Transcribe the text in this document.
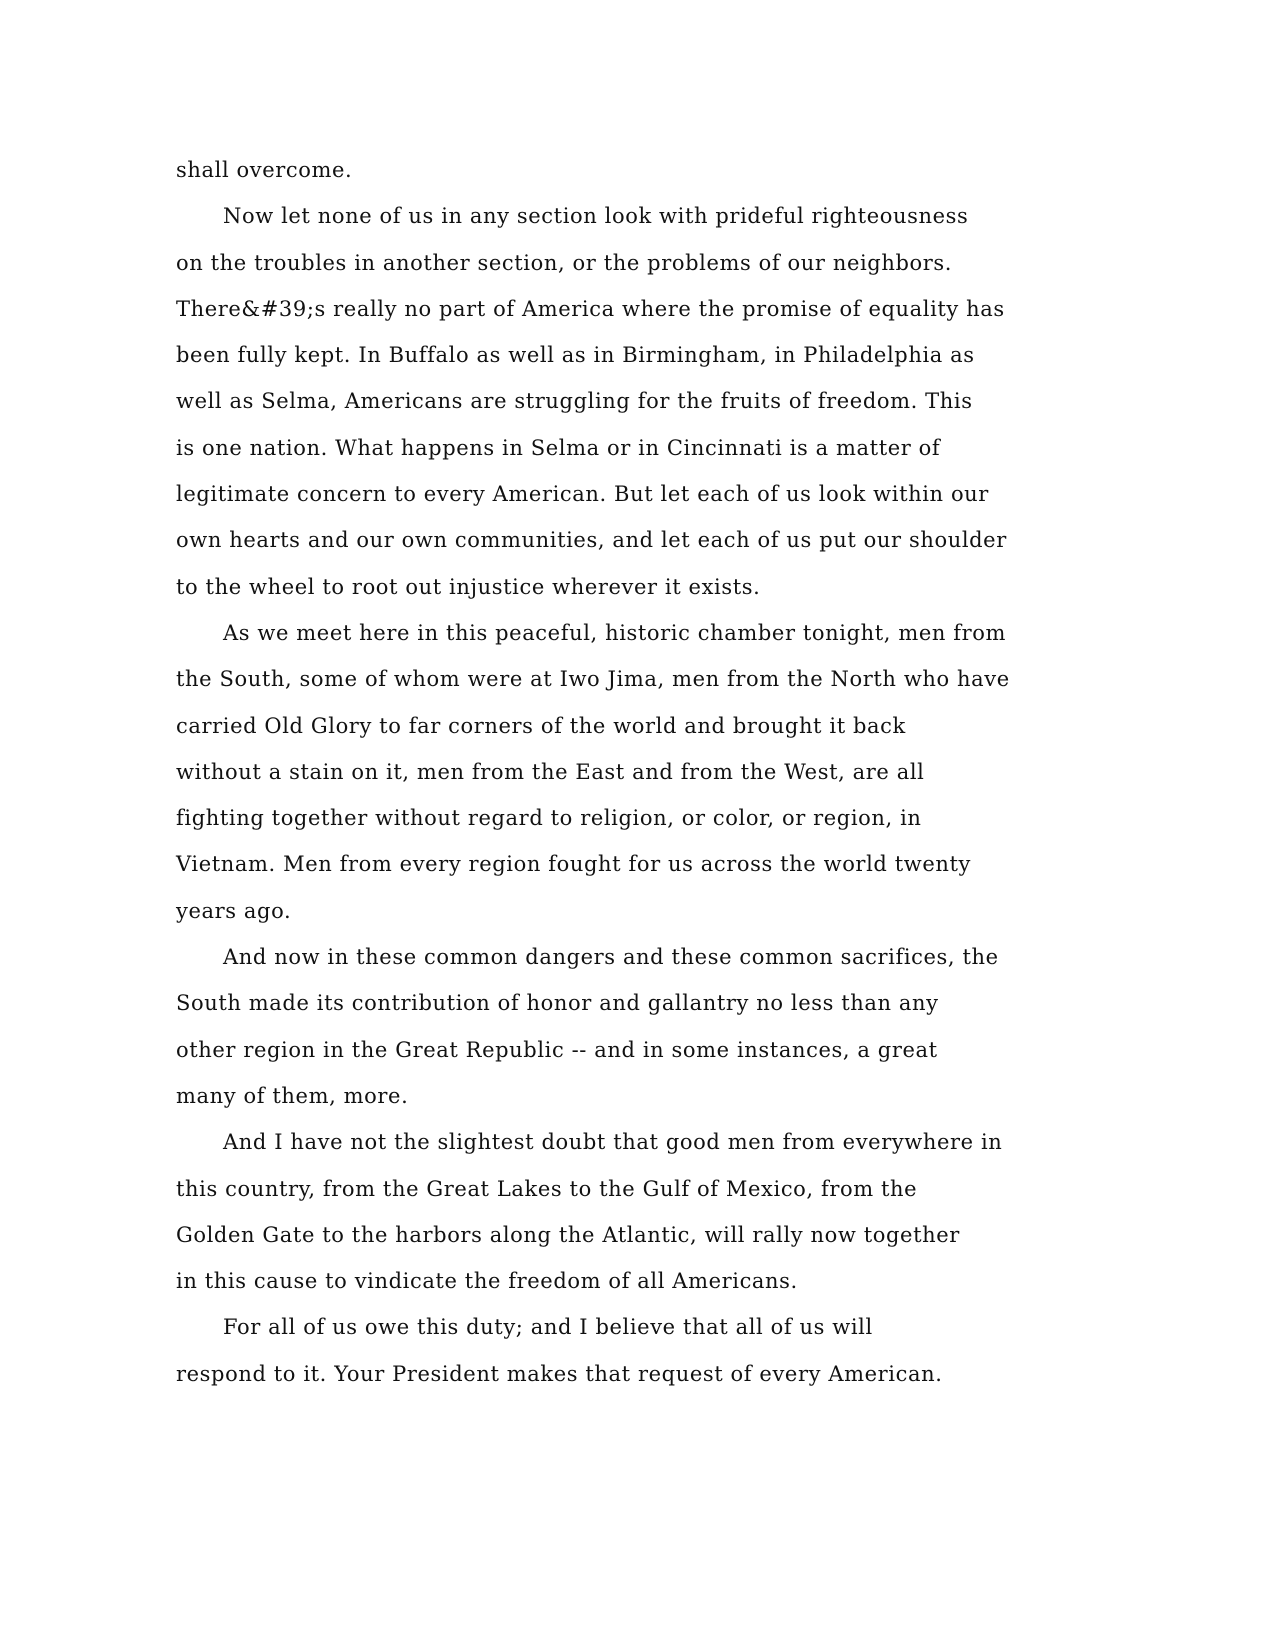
shall overcome.
Now let none of us in any section look with prideful righteousness
on the troubles in another section, or the problems of our neighbors.
There&#39;s really no part of America where the promise of equality has
been fully kept. In Buffalo as well as in Birmingham, in Philadelphia as
well as Selma, Americans are struggling for the fruits of freedom. This
is one nation. What happens in Selma or in Cincinnati is a matter of
legitimate concern to every American. But let each of us look within our
own hearts and our own communities, and let each of us put our shoulder
to the wheel to root out injustice wherever it exists.
As we meet here in this peaceful, historic chamber tonight, men from
the South, some of whom were at Iwo Jima, men from the North who have
carried Old Glory to far corners of the world and brought it back
without a stain on it, men from the East and from the West, are all
fighting together without regard to religion, or color, or region, in
Vietnam. Men from every region fought for us across the world twenty
years ago.
And now in these common dangers and these common sacrifices, the
South made its contribution of honor and gallantry no less than any
other region in the Great Republic -- and in some instances, a great
many of them, more.
And I have not the slightest doubt that good men from everywhere in
this country, from the Great Lakes to the Gulf of Mexico, from the
Golden Gate to the harbors along the Atlantic, will rally now together
in this cause to vindicate the freedom of all Americans.
For all of us owe this duty; and I believe that all of us will
respond to it. Your President makes that request of every American.
